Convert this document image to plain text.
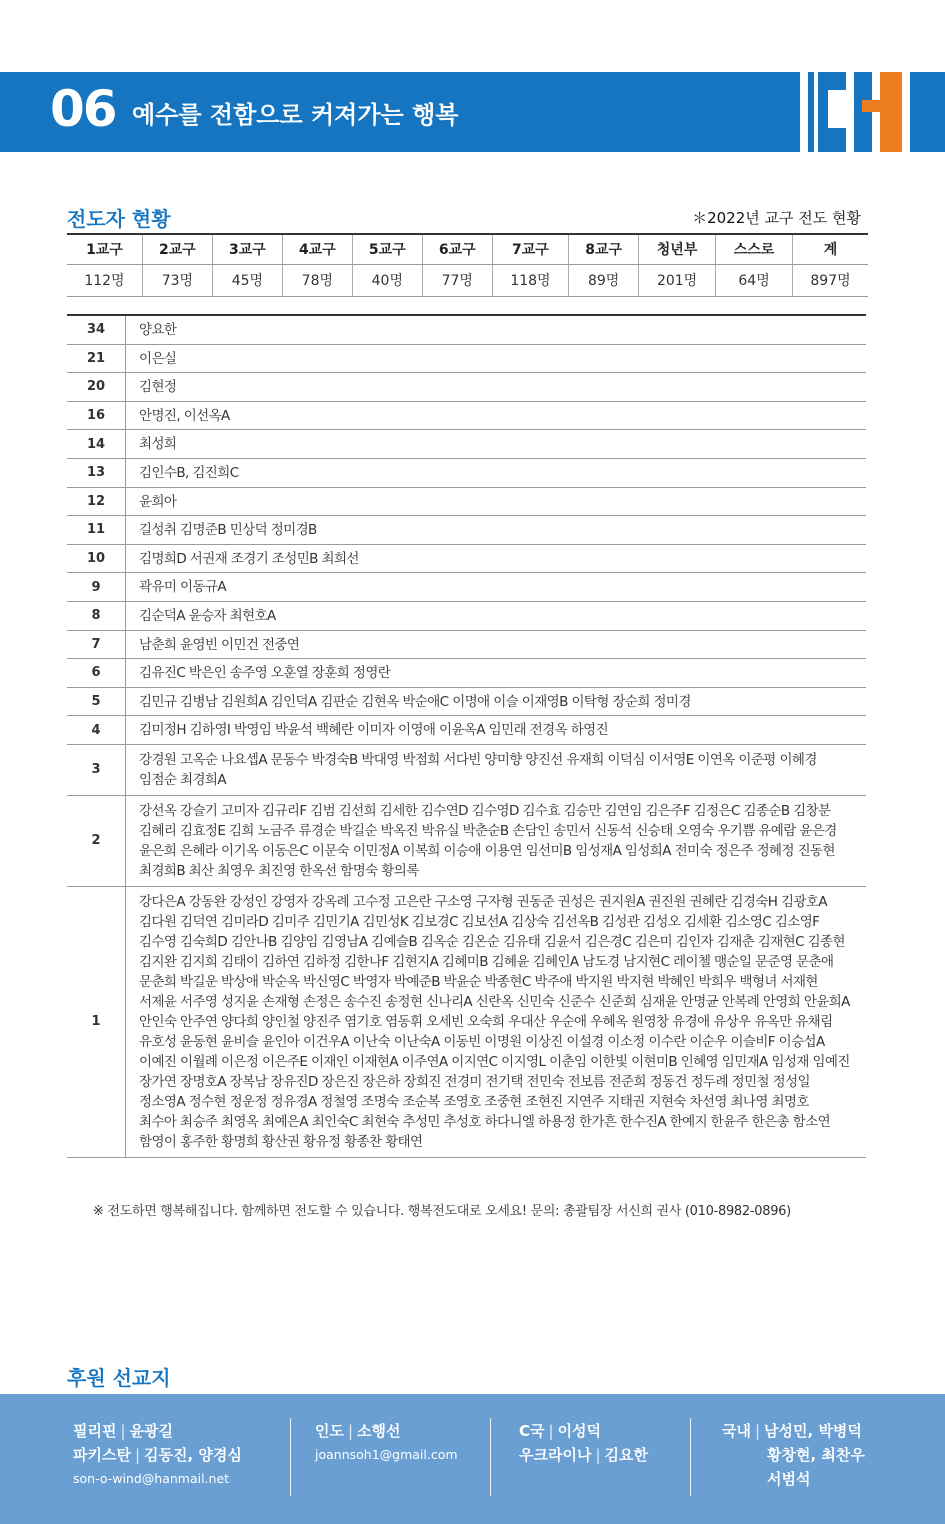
06 예수를 전함으로 커져가는 행복
전도자 현황	＊2022년 교구 전도 현황
1교구	2교구	3교구	4교구	5교구	6교구	7교구	8교구	청년부	스스로	계
112명	73명	45명	78명	40명	77명	118명	89명	201명	64명	897명
34	양요한
21	이은실
20	김현정
16	안명진, 이선옥A
14	최성희
13	김인수B, 김진희C
12	윤희아
11	길성취 김명준B 민상덕 정미경B
10	김명희D 서권재 조경기 조성민B 최희선
9	곽유미 이동규A
8	김순덕A 윤승자 최현호A
7	남춘희 윤영빈 이민건 전중연
6	김유진C 박은인 송주영 오훈열 장훈희 정영란
5	김민규 김병남 김원희A 김인덕A 김판순 김현옥 박순애C 이명애 이슬 이재영B 이탁형 장순희 정미경
4	김미정H 김하영I 박영임 박윤석 백혜란 이미자 이영애 이윤옥A 임민래 전경옥 하영진
3
강경원 고옥순 나요셉A 문동수 박경숙B 박대영 박점희 서다빈 양미향 양진선 유재희 이덕심 이서영E 이연옥 이준평 이혜경
임점순 최경희A
2
강선옥 강슬기 고미자 김규리F 김범 김선희 김세한 김수연D 김수영D 김수효 김승만 김연임 김은주F 김정은C 김종순B 김창분
김혜리 김효정E 김희 노금주 류경순 박길순 박옥진 박유실 박춘순B 손담인 송민서 신동석 신승태 오영숙 우기쁨 유예람 윤은경
윤은희 은혜라 이기옥 이동은C 이문숙 이민정A 이복희 이승애 이용연 임선미B 임성재A 임성희A 전미숙 정은주 정혜정 진동현
최경희B 최산 최영우 최진영 한옥선 함명숙 황의록
1
강다은A 강동완 강성인 강영자 강옥례 고수정 고은란 구소영 구자형 권동준 권성은 권지원A 권진원 권혜란 김경숙H 김광호A
김다원 김덕연 김미라D 김미주 김민기A 김민성K 김보경C 김보선A 김상숙 김선옥B 김성관 김성오 김세환 김소영C 김소영F
김수영 김숙희D 김안나B 김양임 김영남A 김예슬B 김옥순 김온순 김유태 김윤서 김은경C 김은미 김인자 김재춘 김재현C 김종현
김지완 김지희 김태이 김하연 김하정 김한나F 김현지A 김혜미B 김혜윤 김혜인A 남도경 남지현C 레이첼 맹순일 문준영 문춘애
문춘희 박길운 박상애 박순옥 박신영C 박영자 박예준B 박윤순 박종현C 박주애 박지원 박지현 박혜인 박희우 백형녀 서재현
서제윤 서주영 성지윤 손재형 손정은 송수진 송정현 신나리A 신란옥 신민숙 신준수 신준희 심재윤 안명균 안복례 안영희 안윤희A
안인숙 안주연 양다희 양인철 양진주 염기호 염동휘 오세빈 오숙희 우대산 우순애 우혜옥 원영창 유경애 유상우 유옥만 유채림
유호성 윤동현 윤비슬 윤인아 이건우A 이난숙 이난숙A 이동빈 이명원 이상진 이설경 이소정 이수란 이순우 이슬비F 이승섭A
이예진 이월례 이은정 이은주E 이재인 이재현A 이주연A 이지연C 이지영L 이춘임 이한빛 이현미B 인혜영 임민재A 임성재 임예진
장가연 장명호A 장복남 장유진D 장은진 장은하 장희진 전경미 전기택 전민숙 전보름 전준희 정동건 정두례 정민철 정성일
정소영A 정수현 정운정 정유경A 정철영 조명숙 조순복 조영호 조중현 조현진 지연주 지태권 지현숙 차선영 최나영 최명호
최수아 최승주 최영옥 최예은A 최인숙C 최현숙 추성민 추성호 하다니엘 하용정 한가흔 한수진A 한예지 한윤주 한은총 함소연
함영이 홍주한 황명희 황산권 황유정 황종찬 황태연
※ 전도하면 행복해집니다. 함께하면 전도할 수 있습니다. 행복전도대로 오세요! 문의: 총괄팀장 서신희 권사 (010-8982-0896)
후원 선교지
필리핀 | 윤광길
파키스탄 | 김동진, 양경심
son-o-wind@hanmail.net
인도 | 소행선
joannsoh1@gmail.com
C국 | 이성덕
우크라이나 | 김요한
국내 | 남성민, 박병덕
황창현, 최찬우
서범석
